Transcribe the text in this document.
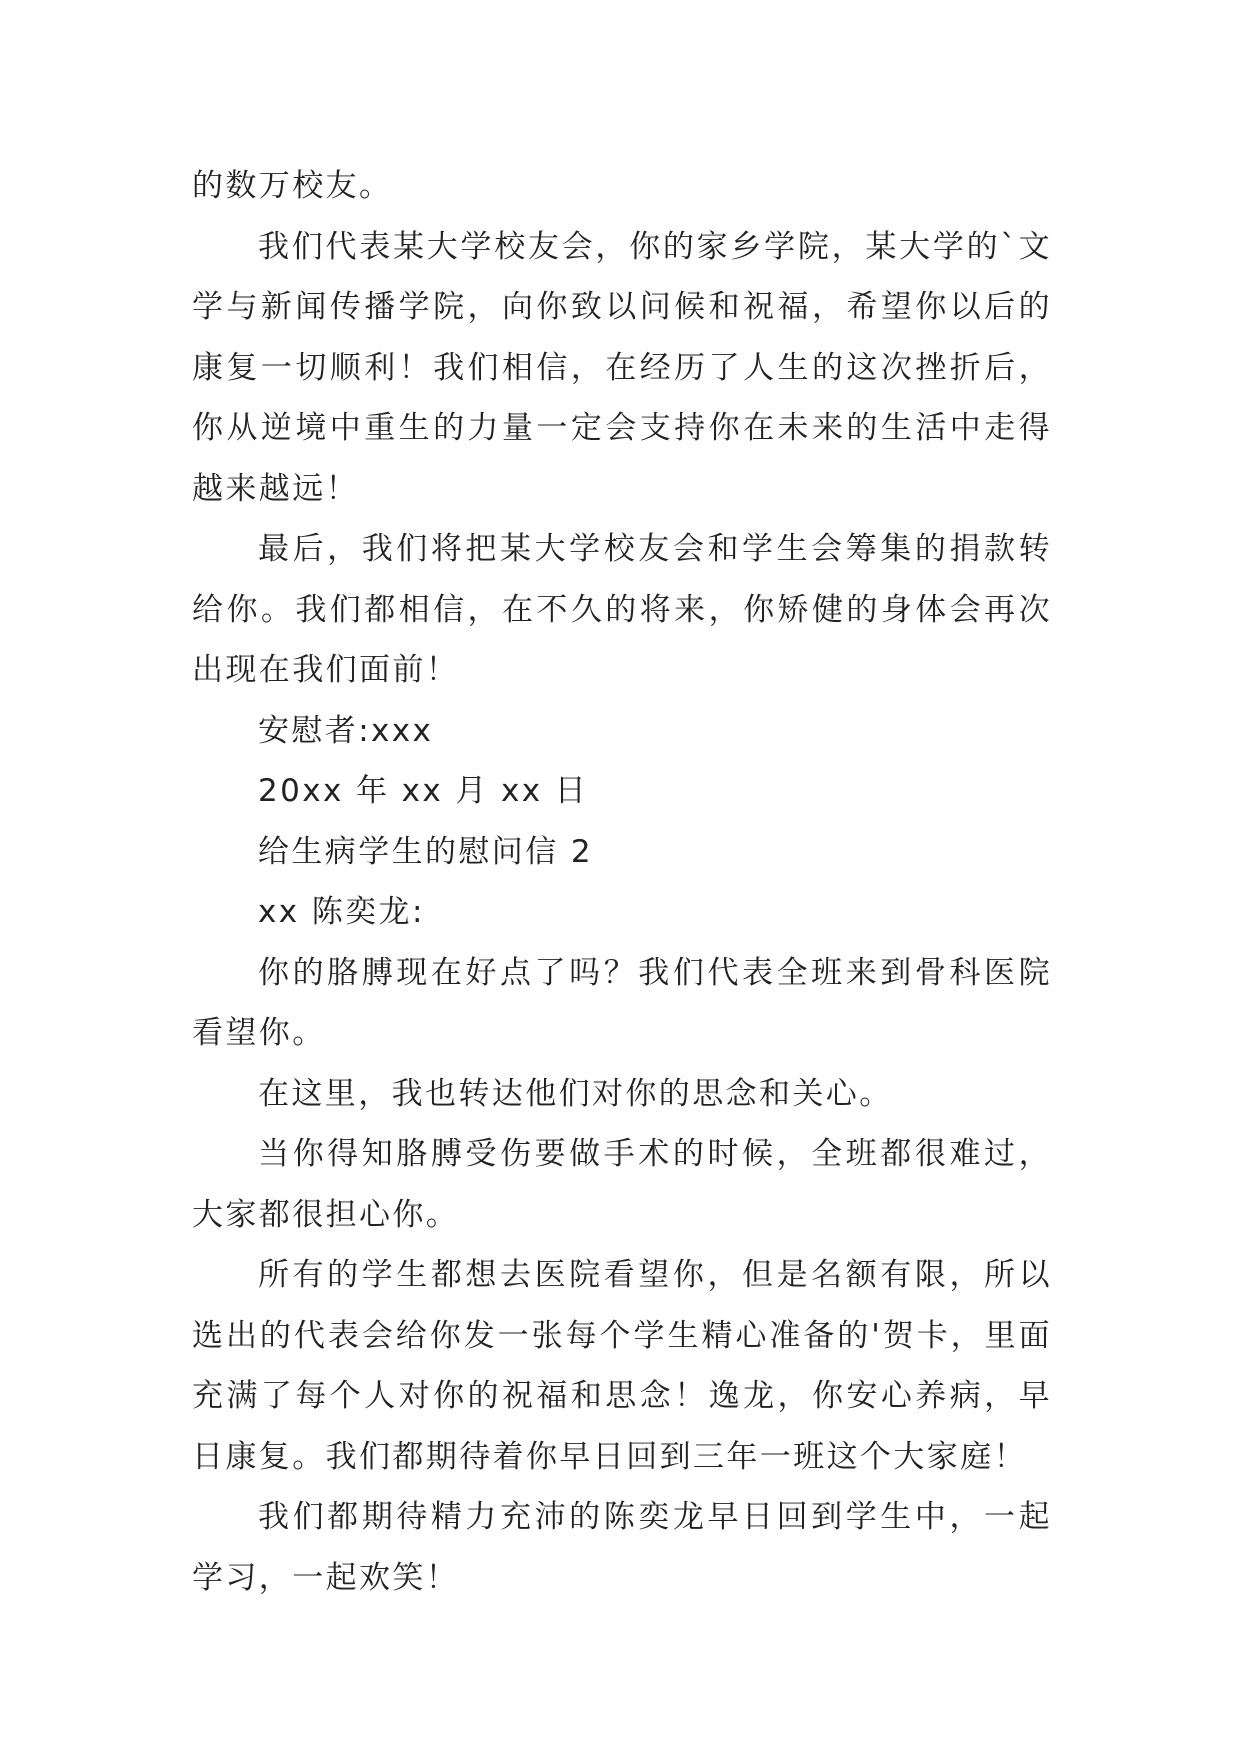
的数万校友。

我们代表某大学校友会，你的家乡学院，某大学的`文学与新闻传播学院，向你致以问候和祝福，希望你以后的康复一切顺利！我们相信，在经历了人生的这次挫折后，你从逆境中重生的力量一定会支持你在未来的生活中走得越来越远！

最后，我们将把某大学校友会和学生会筹集的捐款转给你。我们都相信，在不久的将来，你矫健的身体会再次出现在我们面前！

安慰者:xxx

20xx 年 xx 月 xx 日

给生病学生的慰问信 2

xx 陈奕龙:

你的胳膊现在好点了吗？我们代表全班来到骨科医院看望你。

在这里，我也转达他们对你的思念和关心。

当你得知胳膊受伤要做手术的时候，全班都很难过，大家都很担心你。

所有的学生都想去医院看望你，但是名额有限，所以选出的代表会给你发一张每个学生精心准备的'贺卡，里面充满了每个人对你的祝福和思念！逸龙，你安心养病，早日康复。我们都期待着你早日回到三年一班这个大家庭！

我们都期待精力充沛的陈奕龙早日回到学生中，一起学习，一起欢笑！
